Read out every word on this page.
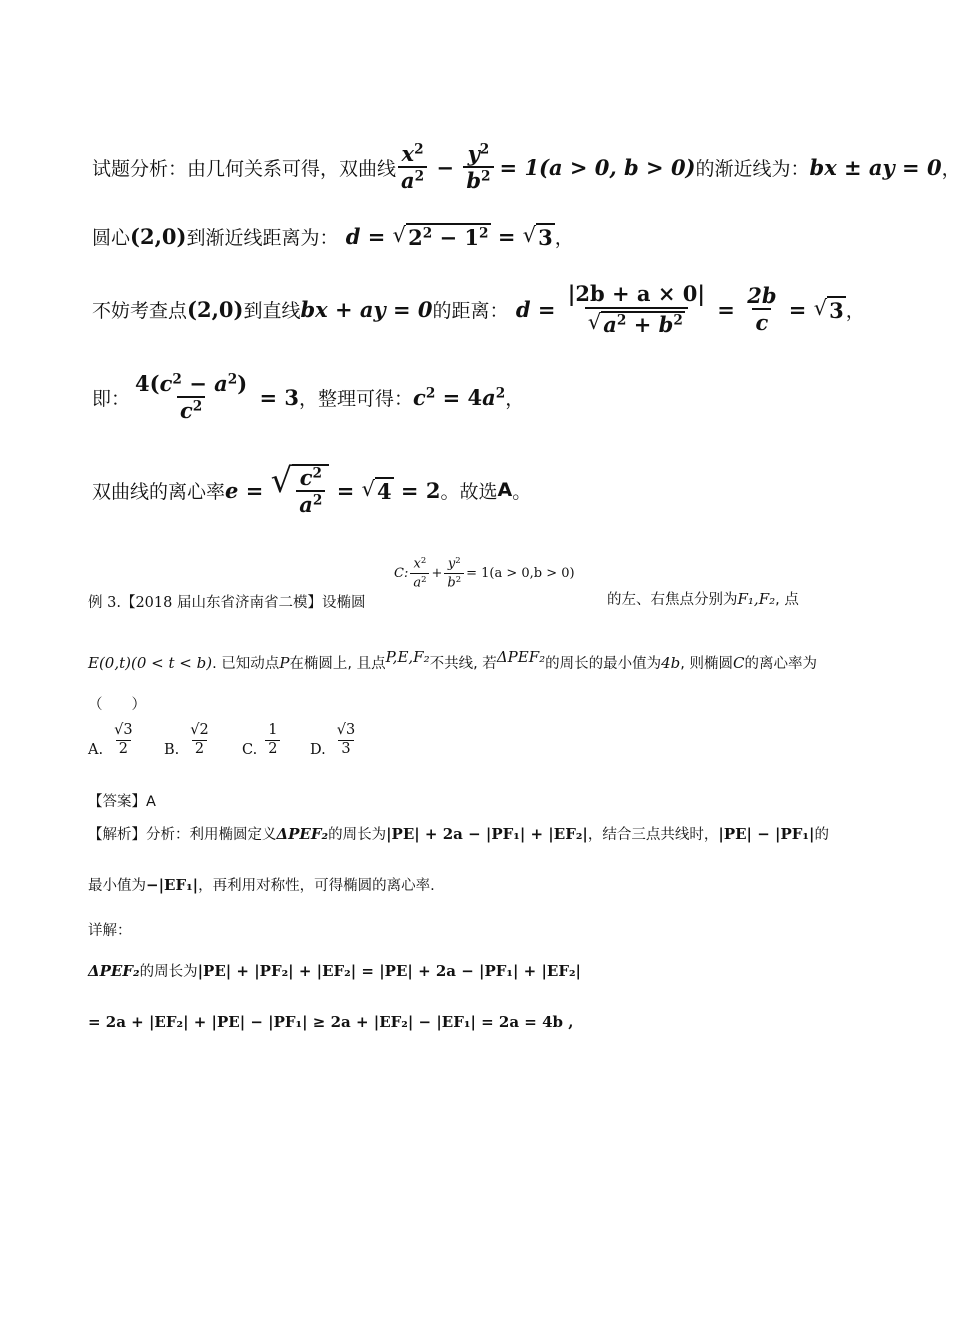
试题分析：由几何关系可得，双曲线 $\frac{x^2}{a^2} - \frac{y^2}{b^2} = 1(a > 0$, b > 0) 的渐近线为： bx ± ay = 0 ，
圆心 (2,0) 到渐近线距离为： d = √ $2^2 - 1^2$ = √ 3 ，
不妨考查点 (2,0) 到直线 bx + ay = 0 的距离： $d = \frac{|2b + a \times 0|}{√ a^2 + b^2} = \frac{2b}{c}$ = √ 3 ，
即： $\frac{4(c^2 - a^2)}{c^2} = 3$ ，整理可得： $c^2 = 4$ $a^2$ ，
双曲线的离心率 e = √ $\frac{c^2}{a^2}$ = √ 4 = 2 。故选 A 。
C: $\frac{x^2}{a^2} + \frac{y^2}{b^2} = 1(a > 0,b > 0)$
例 3.【2018 届山东省济南省二模】设椭圆	的左、右焦点分别为 F₁,F₂ , 点
E(0,t)(0 < t < b) . 已知动点 P 在椭圆上, 且点 P,E,F₂ 不共线, 若 ΔPEF₂ 的周长的最小值为 4b , 则椭圆 C 的离心率为
（　　）
A. $\frac{√3}{2} B$. $\frac{√2}{2} C$. $\frac{1}{2} D$. $\frac{√3}{3}$
【答案】A
【解析】 分析：利用椭圆定义 ΔPEF₂ 的周长为 |PE| + 2a − |PF₁| + |EF₂| ，结合三点共线时， |PE| − |PF₁| 的
最小值为 −|EF₁| ，再利用对称性，可得椭圆的离心率.
详解：
ΔPEF₂ 的周长为 |PE| + |PF₂| + |EF₂| = |PE| + 2a − |PF₁| + |EF₂|
= 2a + |EF₂| + |PE| − |PF₁| ≥ 2a + |EF₂| − |EF₁| = 2a = 4b ,
